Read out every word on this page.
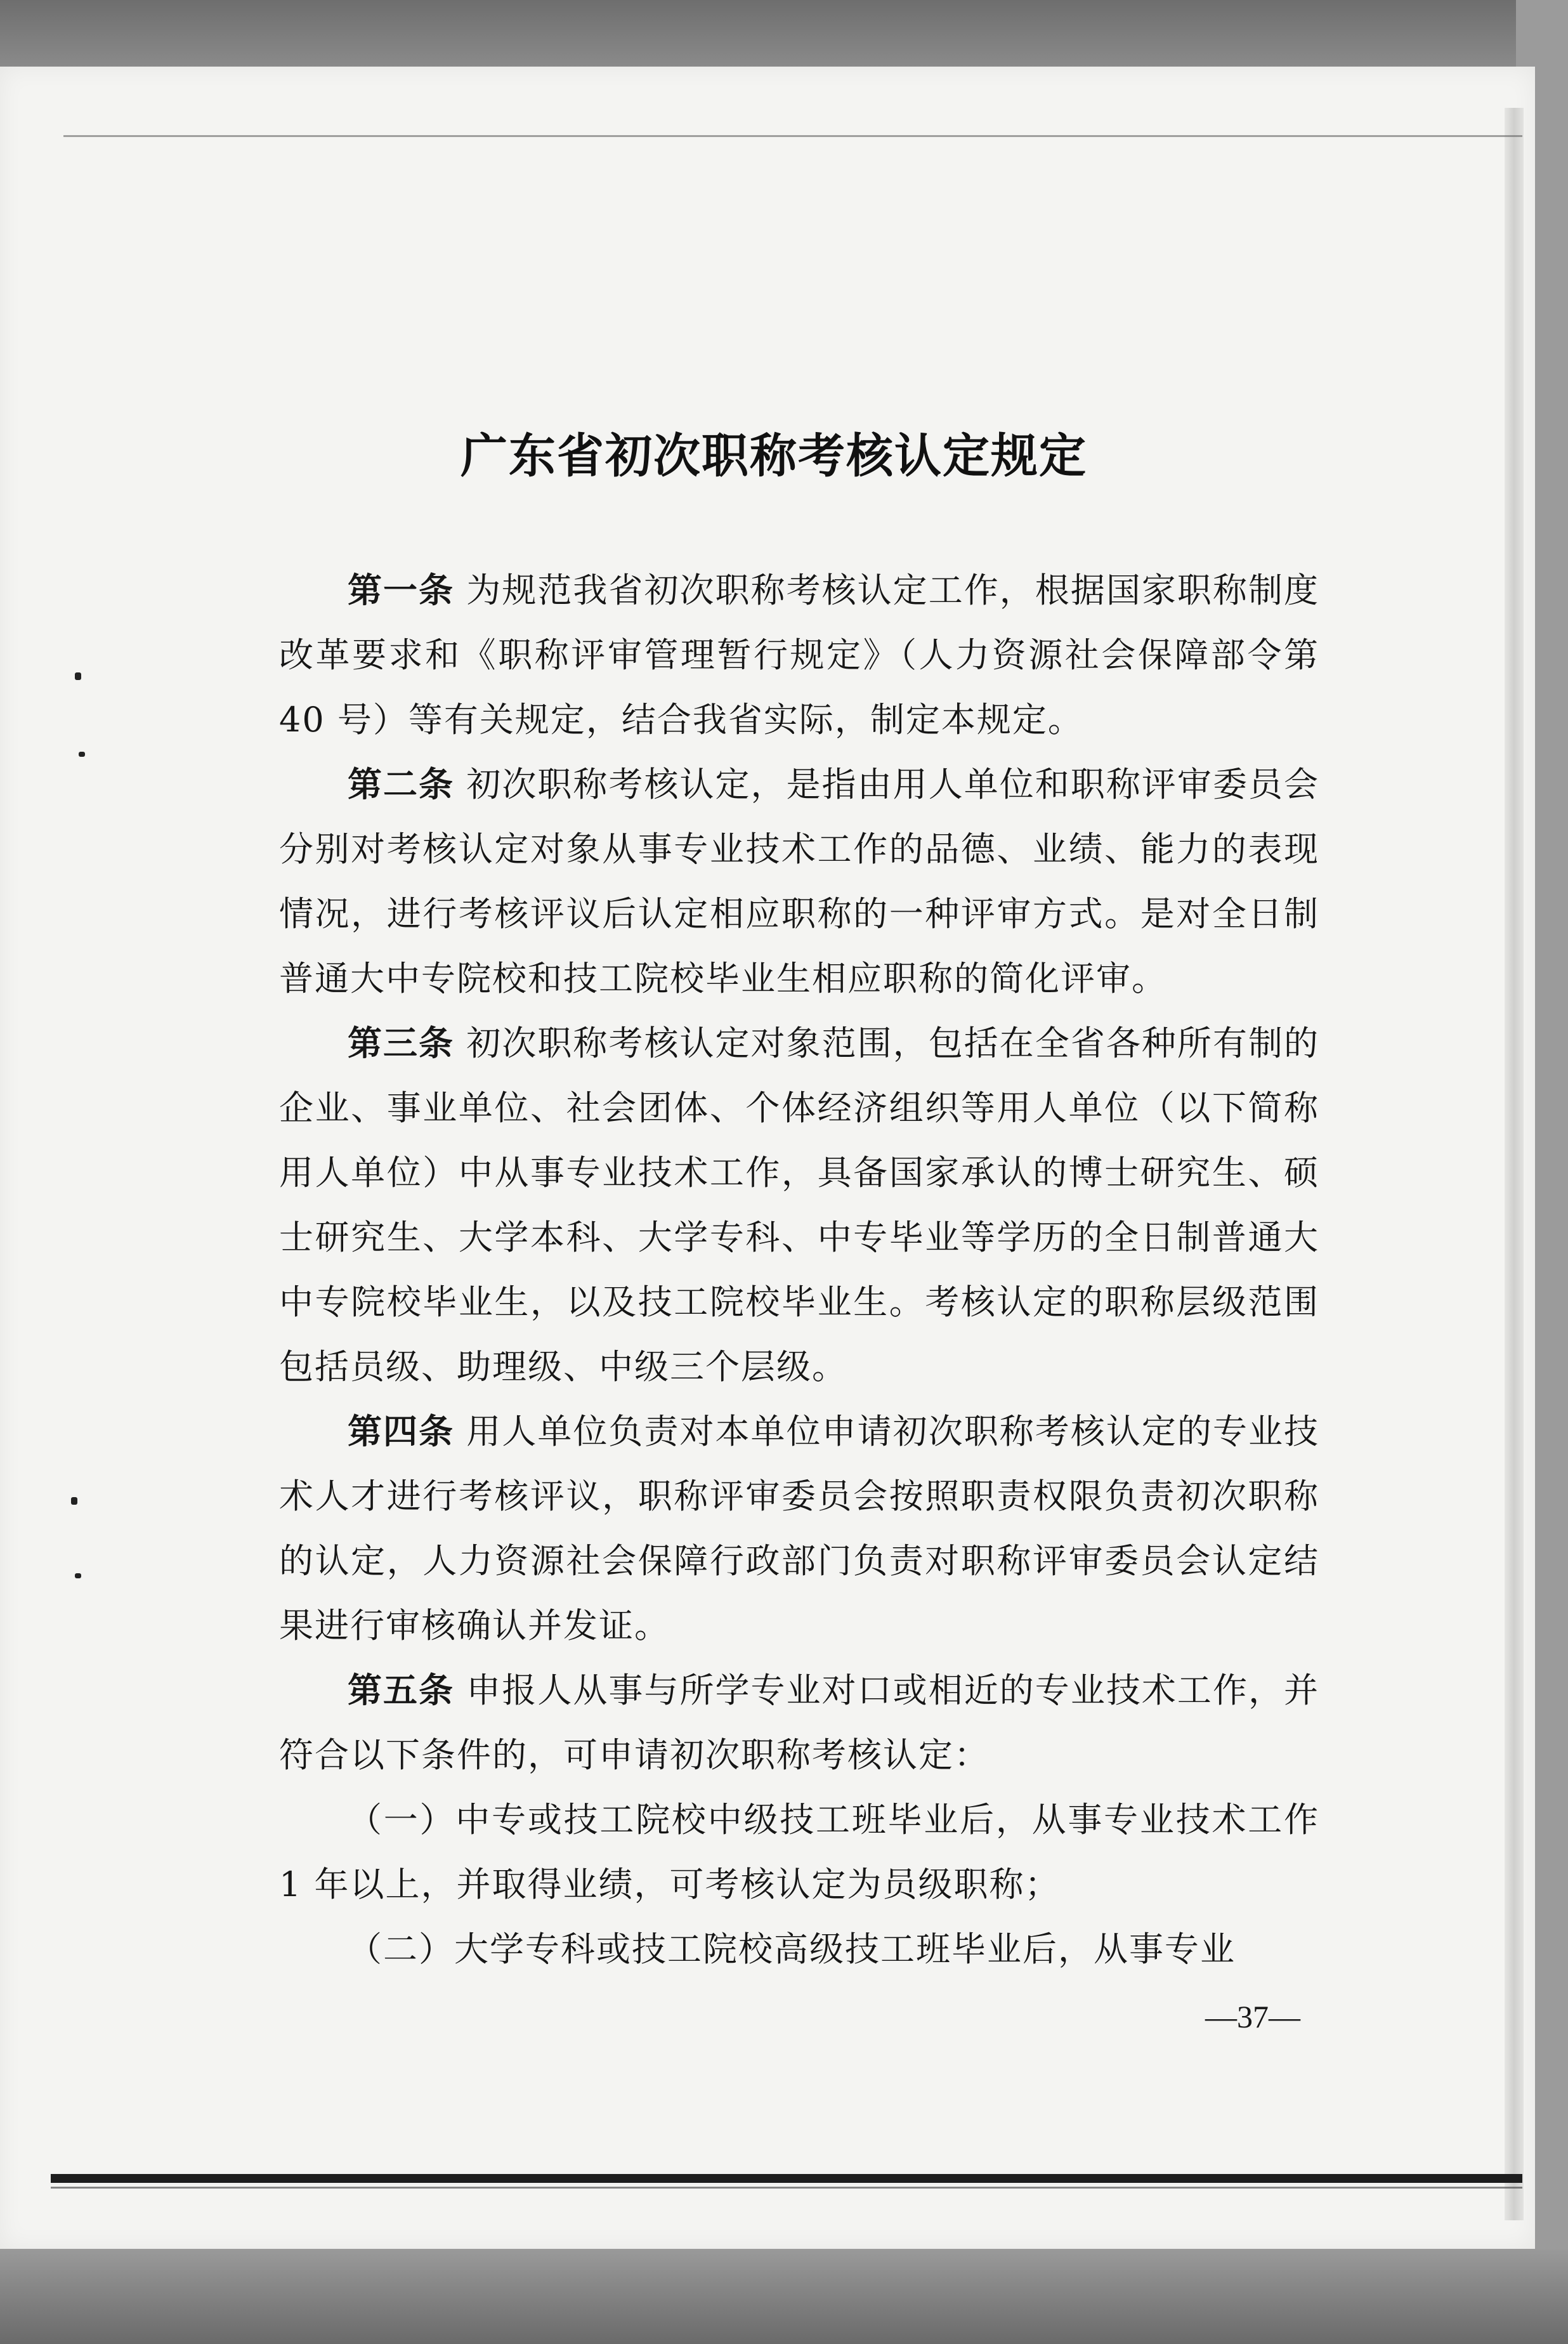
广东省初次职称考核认定规定

第一条 为规范我省初次职称考核认定工作，根据国家职称制度改革要求和《职称评审管理暂行规定》（人力资源社会保障部令第 40 号）等有关规定，结合我省实际，制定本规定。

第二条 初次职称考核认定，是指由用人单位和职称评审委员会分别对考核认定对象从事专业技术工作的品德、业绩、能力的表现情况，进行考核评议后认定相应职称的一种评审方式。是对全日制普通大中专院校和技工院校毕业生相应职称的简化评审。

第三条 初次职称考核认定对象范围，包括在全省各种所有制的企业、事业单位、社会团体、个体经济组织等用人单位（以下简称用人单位）中从事专业技术工作，具备国家承认的博士研究生、硕士研究生、大学本科、大学专科、中专毕业等学历的全日制普通大中专院校毕业生，以及技工院校毕业生。考核认定的职称层级范围包括员级、助理级、中级三个层级。

第四条 用人单位负责对本单位申请初次职称考核认定的专业技术人才进行考核评议，职称评审委员会按照职责权限负责初次职称的认定，人力资源社会保障行政部门负责对职称评审委员会认定结果进行审核确认并发证。

第五条 申报人从事与所学专业对口或相近的专业技术工作，并符合以下条件的，可申请初次职称考核认定：

（一）中专或技工院校中级技工班毕业后，从事专业技术工作 1 年以上，并取得业绩，可考核认定为员级职称；

（二）大学专科或技工院校高级技工班毕业后，从事专业

—37—
